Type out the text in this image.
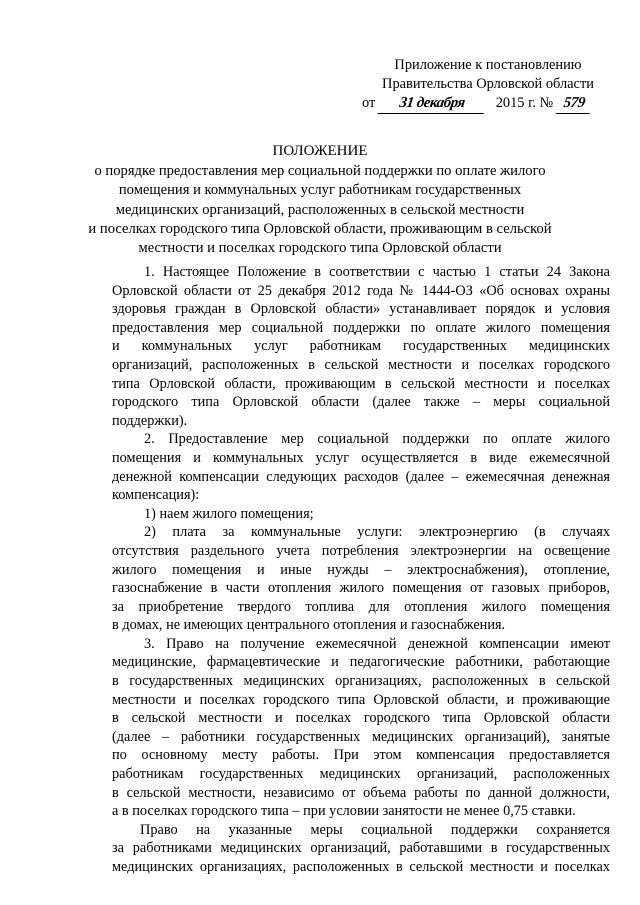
Приложение к постановлению
Правительства Орловской области
от 31 декабря 2015 г. № 579
ПОЛОЖЕНИЕ
о порядке предоставления мер социальной поддержки по оплате жилого
помещения и коммунальных услуг работникам государственных
медицинских организаций, расположенных в сельской местности
и поселках городского типа Орловской области, проживающим в сельской
местности и поселках городского типа Орловской области
1. Настоящее Положение в соответствии с частью 1 статьи 24 Закона
Орловской области от 25 декабря 2012 года № 1444-ОЗ «Об основах охраны
здоровья граждан в Орловской области» устанавливает порядок и условия
предоставления мер социальной поддержки по оплате жилого помещения
и коммунальных услуг работникам государственных медицинских
организаций, расположенных в сельской местности и поселках городского
типа Орловской области, проживающим в сельской местности и поселках
городского типа Орловской области (далее также – меры социальной
поддержки).
2. Предоставление мер социальной поддержки по оплате жилого
помещения и коммунальных услуг осуществляется в виде ежемесячной
денежной компенсации следующих расходов (далее – ежемесячная денежная
компенсация):
1) наем жилого помещения;
2) плата за коммунальные услуги: электроэнергию (в случаях
отсутствия раздельного учета потребления электроэнергии на освещение
жилого помещения и иные нужды – электроснабжения), отопление,
газоснабжение в части отопления жилого помещения от газовых приборов,
за приобретение твердого топлива для отопления жилого помещения
в домах, не имеющих центрального отопления и газоснабжения.
3. Право на получение ежемесячной денежной компенсации имеют
медицинские, фармацевтические и педагогические работники, работающие
в государственных медицинских организациях, расположенных в сельской
местности и поселках городского типа Орловской области, и проживающие
в сельской местности и поселках городского типа Орловской области
(далее – работники государственных медицинских организаций), занятые
по основному месту работы. При этом компенсация предоставляется
работникам государственных медицинских организаций, расположенных
в сельской местности, независимо от объема работы по данной должности,
а в поселках городского типа – при условии занятости не менее 0,75 ставки.
Право на указанные меры социальной поддержки сохраняется
за работниками медицинских организаций, работавшими в государственных
медицинских организациях, расположенных в сельской местности и поселках
